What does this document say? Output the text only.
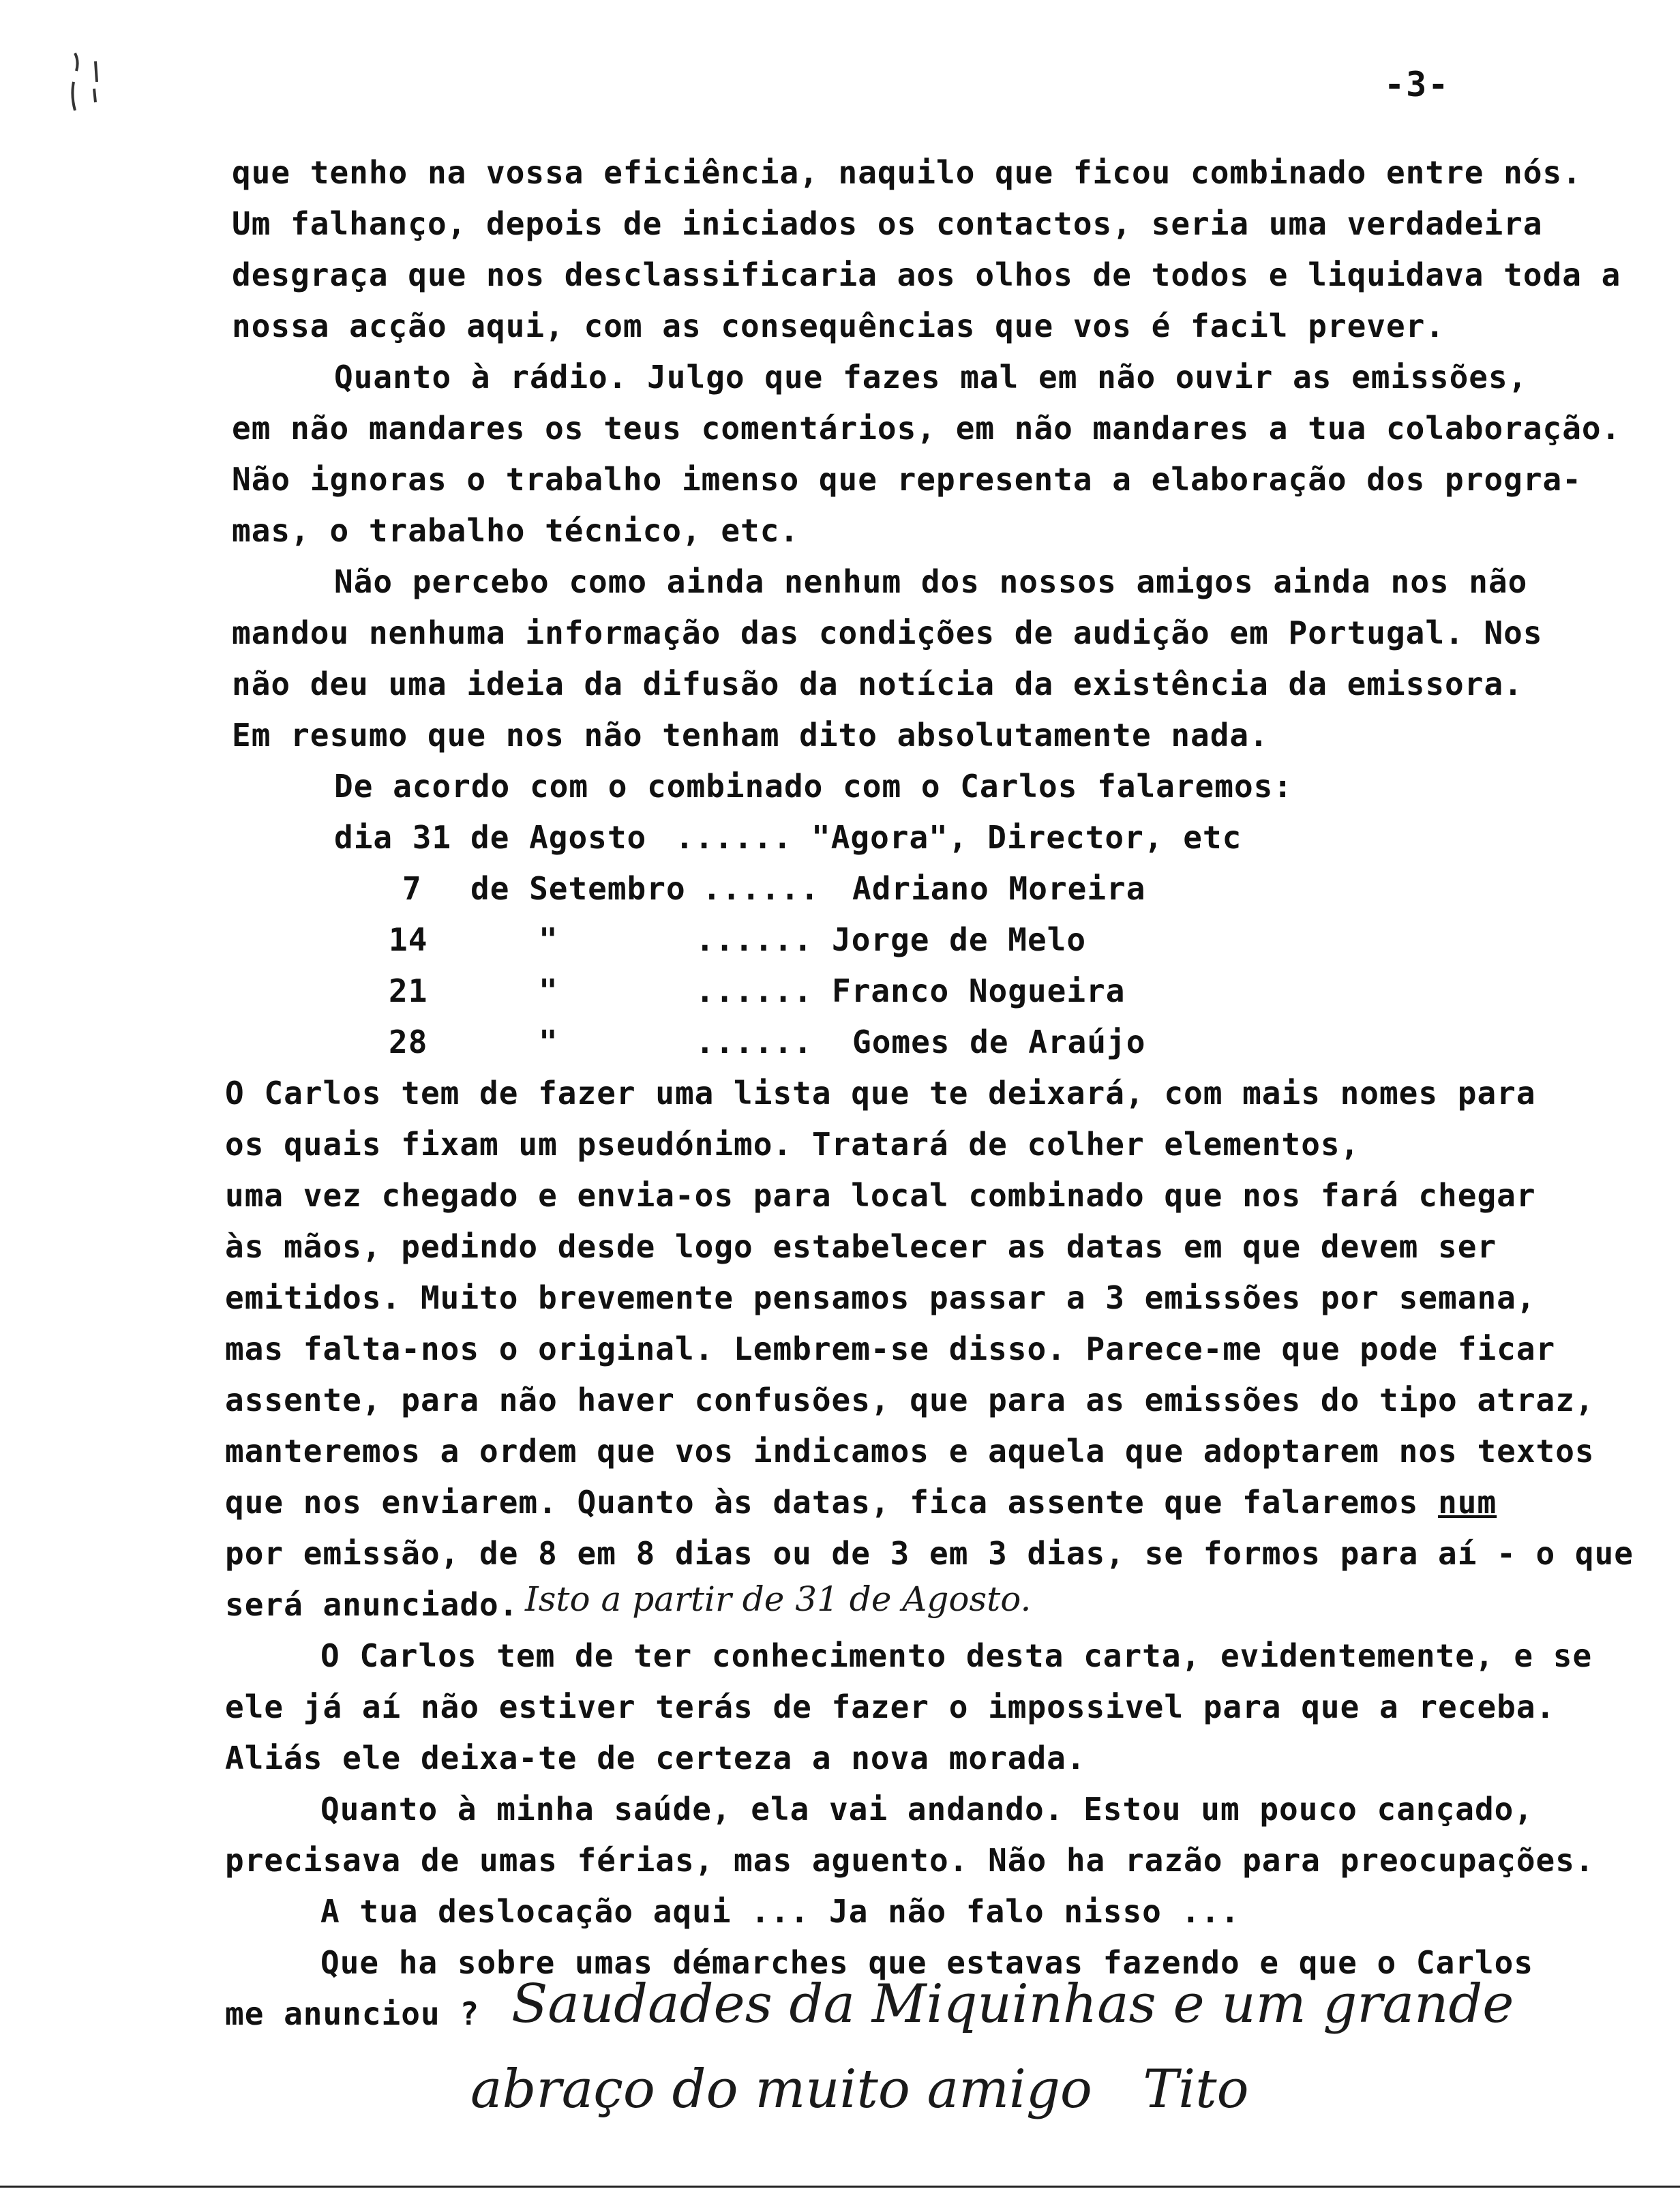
-3-
que tenho na vossa eficiência, naquilo que ficou combinado entre nós.
Um falhanço, depois de iniciados os contactos, seria uma verdadeira
desgraça que nos desclassificaria aos olhos de todos e liquidava toda a
nossa acção aqui, com as consequências que vos é facil prever.
Quanto à rádio. Julgo que fazes mal em não ouvir as emissões,
em não mandares os teus comentários, em não mandares a tua colaboração.
Não ignoras o trabalho imenso que representa a elaboração dos progra-
mas, o trabalho técnico, etc.
Não percebo como ainda nenhum dos nossos amigos ainda nos não
mandou nenhuma informação das condições de audição em Portugal. Nos
não deu uma ideia da difusão da notícia da existência da emissora.
Em resumo que nos não tenham dito absolutamente nada.
De acordo com o combinado com o Carlos falaremos:
dia 31 de Agosto ...... "Agora", Director, etc
7 de Setembro ...... Adriano Moreira
14	"	...... Jorge de Melo
21	"	...... Franco Nogueira
28	"	...... Gomes de Araújo
O Carlos tem de fazer uma lista que te deixará, com mais nomes para
os quais fixam um pseudónimo. Tratará de colher elementos,
uma vez chegado e envia-os para local combinado que nos fará chegar
às mãos, pedindo desde logo estabelecer as datas em que devem ser
emitidos. Muito brevemente pensamos passar a 3 emissões por semana,
mas falta-nos o original. Lembrem-se disso. Parece-me que pode ficar
assente, para não haver confusões, que para as emissões do tipo atraz,
manteremos a ordem que vos indicamos e aquela que adoptarem nos textos
que nos enviarem. Quanto às datas, fica assente que falaremos num
por emissão, de 8 em 8 dias ou de 3 em 3 dias, se formos para aí - o que
será anunciado. Isto a partir de 31 de Agosto.
O Carlos tem de ter conhecimento desta carta, evidentemente, e se
ele já aí não estiver terás de fazer o impossivel para que a receba.
Aliás ele deixa-te de certeza a nova morada.
Quanto à minha saúde, ela vai andando. Estou um pouco cançado,
precisava de umas férias, mas aguento. Não ha razão para preocupações.
A tua deslocação aqui ... Ja não falo nisso ...
Que ha sobre umas démarches que estavas fazendo e que o Carlos
me anunciou ? Saudades da Miquinhas e um grande
abraço do muito amigo   Tito
